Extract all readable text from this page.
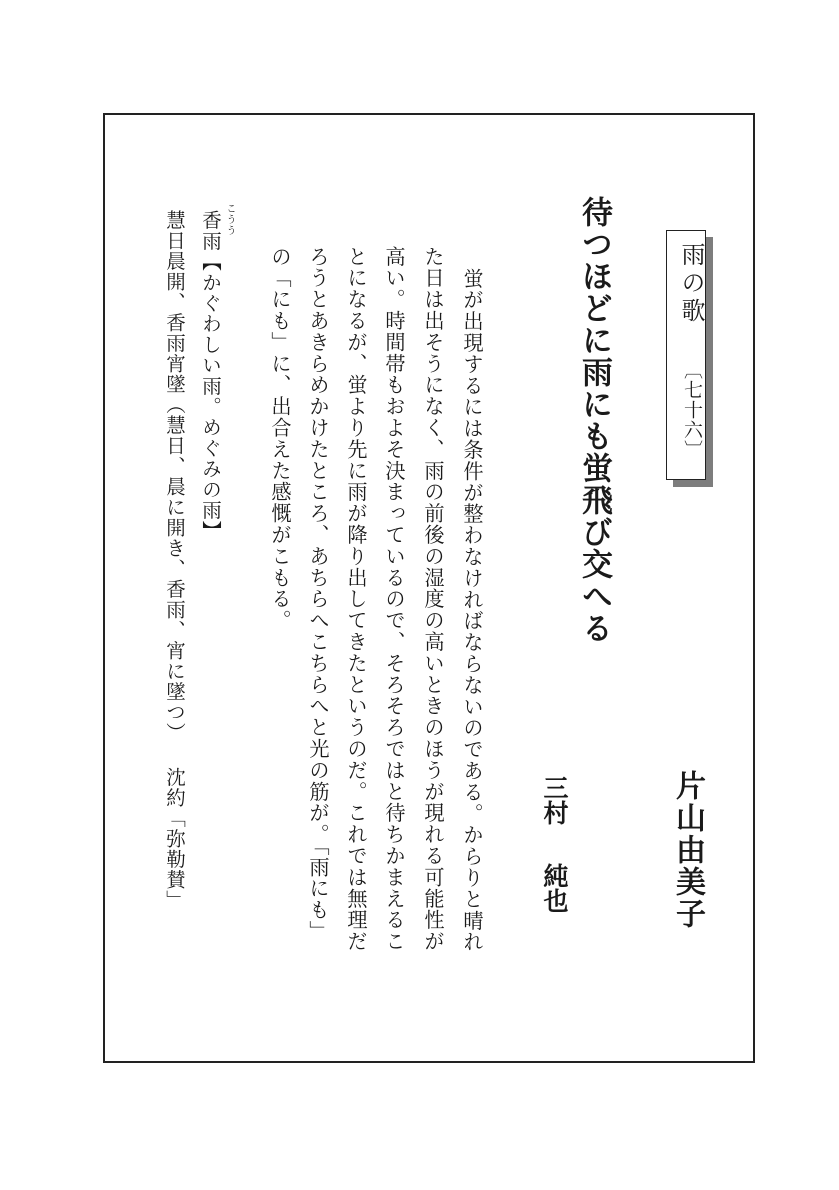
雨の歌

〔七十六〕

片山由美子

待つほどに雨にも蛍飛び交へる

三村純也

蛍が出現するには条件が整わなければならないのである。からりと晴れ

た日は出そうになく、雨の前後の湿度の高いときのほうが現れる可能性が

高い。時間帯もおよそ決まっているので、そろそろではと待ちかまえるこ

とになるが、蛍より先に雨が降り出してきたというのだ。これでは無理だ

ろうとあきらめかけたところ、あちらへこちらへと光の筋が。「雨にも」

の「にも」に、出合えた感慨がこもる。

こうう

香雨【かぐわしい雨。めぐみの雨】

慧日晨開、香雨宵墜（慧日、晨に開き、香雨、宵に墜つ） 沈約「弥勒賛」
